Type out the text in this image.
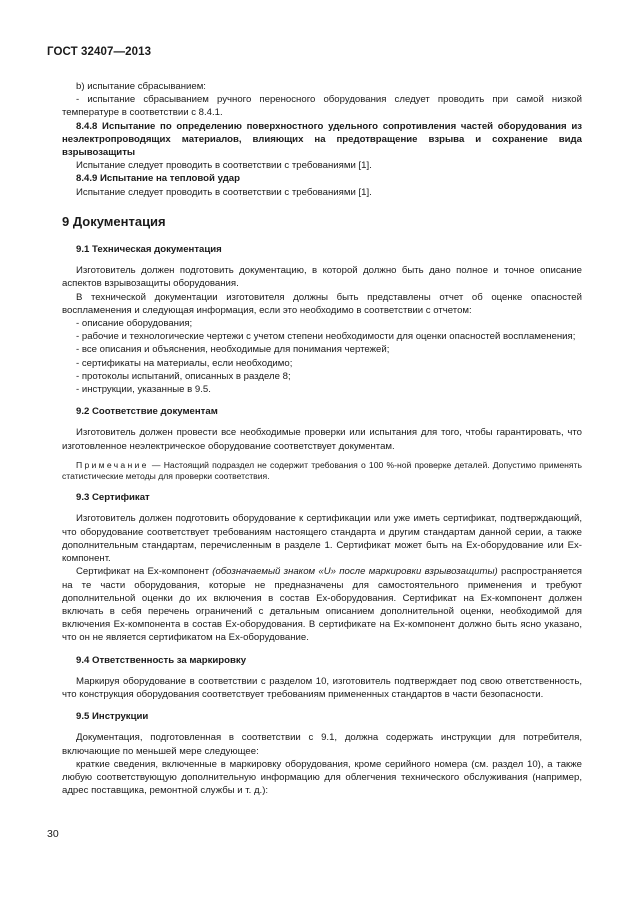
ГОСТ 32407—2013

b) испытание сбрасыванием:

- испытание сбрасыванием ручного переносного оборудования следует проводить при самой низкой температуре в соответствии с 8.4.1.

8.4.8 Испытание по определению поверхностного удельного сопротивления частей оборудования из неэлектропроводящих материалов, влияющих на предотвращение взрыва и сохранение вида взрывозащиты

Испытание следует проводить в соответствии с требованиями [1].

8.4.9 Испытание на тепловой удар

Испытание следует проводить в соответствии с требованиями [1].

9 Документация
9.1 Техническая документация

Изготовитель должен подготовить документацию, в которой должно быть дано полное и точное описание аспектов взрывозащиты оборудования.

В технической документации изготовителя должны быть представлены отчет об оценке опасностей воспламенения и следующая информация, если это необходимо в соответствии с отчетом:

- описание оборудования;

- рабочие и технологические чертежи с учетом степени необходимости для оценки опасностей воспламенения;

- все описания и объяснения, необходимые для понимания чертежей;

- сертификаты на материалы, если необходимо;

- протоколы испытаний, описанных в разделе 8;

- инструкции, указанные в 9.5.

9.2 Соответствие документам

Изготовитель должен провести все необходимые проверки или испытания для того, чтобы гарантировать, что изготовленное неэлектрическое оборудование соответствует документам.

Примечание — Настоящий подраздел не содержит требования о 100 %-ной проверке деталей. Допустимо применять статистические методы для проверки соответствия.

9.3 Сертификат

Изготовитель должен подготовить оборудование к сертификации или уже иметь сертификат, подтверждающий, что оборудование соответствует требованиям настоящего стандарта и другим стандартам данной серии, а также дополнительным стандартам, перечисленным в разделе 1. Сертификат может быть на Ex-оборудование или Ex-компонент.

Сертификат на Ex-компонент (обозначаемый знаком «U» после маркировки взрывозащиты) распространяется на те части оборудования, которые не предназначены для самостоятельного применения и требуют дополнительной оценки до их включения в состав Ex-оборудования. Сертификат на Ex-компонент должен включать в себя перечень ограничений с детальным описанием дополнительной оценки, необходимой для включения Ex-компонента в состав Ex-оборудования. В сертификате на Ex-компонент должно быть ясно указано, что он не является сертификатом на Ex-оборудование.

9.4 Ответственность за маркировку

Маркируя оборудование в соответствии с разделом 10, изготовитель подтверждает под свою ответственность, что конструкция оборудования соответствует требованиям примененных стандартов в части безопасности.

9.5 Инструкции

Документация, подготовленная в соответствии с 9.1, должна содержать инструкции для потребителя, включающие по меньшей мере следующее:

краткие сведения, включенные в маркировку оборудования, кроме серийного номера (см. раздел 10), а также любую соответствующую дополнительную информацию для облегчения технического обслуживания (например, адрес поставщика, ремонтной службы и т. д.):

30
